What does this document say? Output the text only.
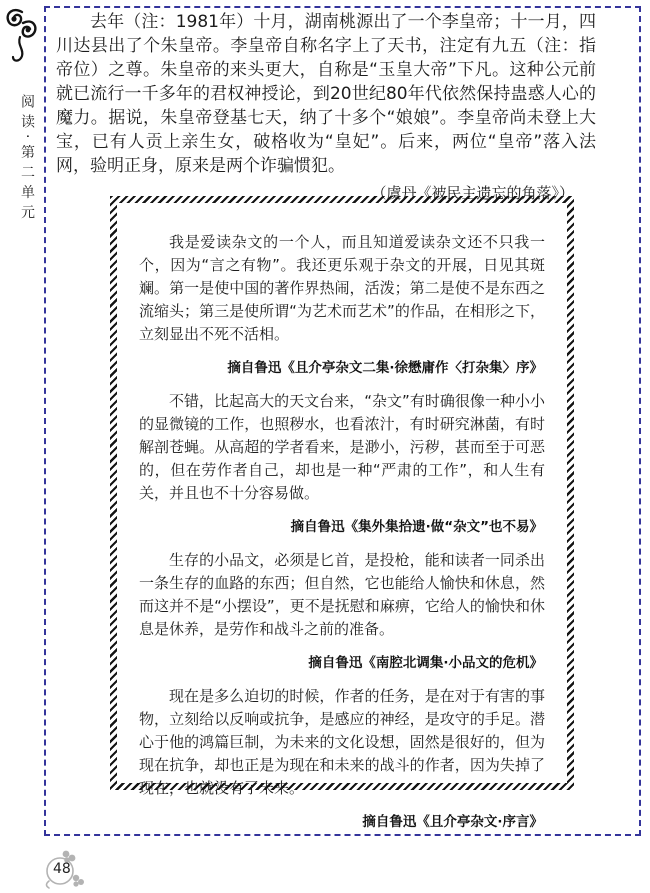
阅读·第二单元

去年（注：1981年）十月，湖南桃源出了一个李皇帝；十一月，四川达县出了个朱皇帝。李皇帝自称名字上了天书，注定有九五（注：指帝位）之尊。朱皇帝的来头更大，自称是“玉皇大帝”下凡。这种公元前就已流行一千多年的君权神授论，到20世纪80年代依然保持蛊惑人心的魔力。据说，朱皇帝登基七天，纳了十多个“娘娘”。李皇帝尚未登上大宝，已有人贡上亲生女，破格收为“皇妃”。后来，两位“皇帝”落入法网，验明正身，原来是两个诈骗惯犯。

（虞丹《被民主遗忘的角落》）

我是爱读杂文的一个人，而且知道爱读杂文还不只我一个，因为“言之有物”。我还更乐观于杂文的开展，日见其斑斓。第一是使中国的著作界热闹，活泼；第二是使不是东西之流缩头；第三是使所谓“为艺术而艺术”的作品，在相形之下，立刻显出不死不活相。

摘自鲁迅《且介亭杂文二集·徐懋庸作〈打杂集〉序》

不错，比起高大的天文台来，“杂文”有时确很像一种小小的显微镜的工作，也照秽水，也看浓汁，有时研究淋菌，有时解剖苍蝇。从高超的学者看来，是渺小，污秽，甚而至于可恶的，但在劳作者自己，却也是一种“严肃的工作”，和人生有关，并且也不十分容易做。

摘自鲁迅《集外集拾遗·做“杂文”也不易》

生存的小品文，必须是匕首，是投枪，能和读者一同杀出一条生存的血路的东西；但自然，它也能给人愉快和休息，然而这并不是“小摆设”，更不是抚慰和麻痹，它给人的愉快和休息是休养，是劳作和战斗之前的准备。

摘自鲁迅《南腔北调集·小品文的危机》

现在是多么迫切的时候，作者的任务，是在对于有害的事物，立刻给以反响或抗争，是感应的神经，是攻守的手足。潜心于他的鸿篇巨制，为未来的文化设想，固然是很好的，但为现在抗争，却也正是为现在和未来的战斗的作者，因为失掉了现在，也就没有了未来。

摘自鲁迅《且介亭杂文·序言》

48
